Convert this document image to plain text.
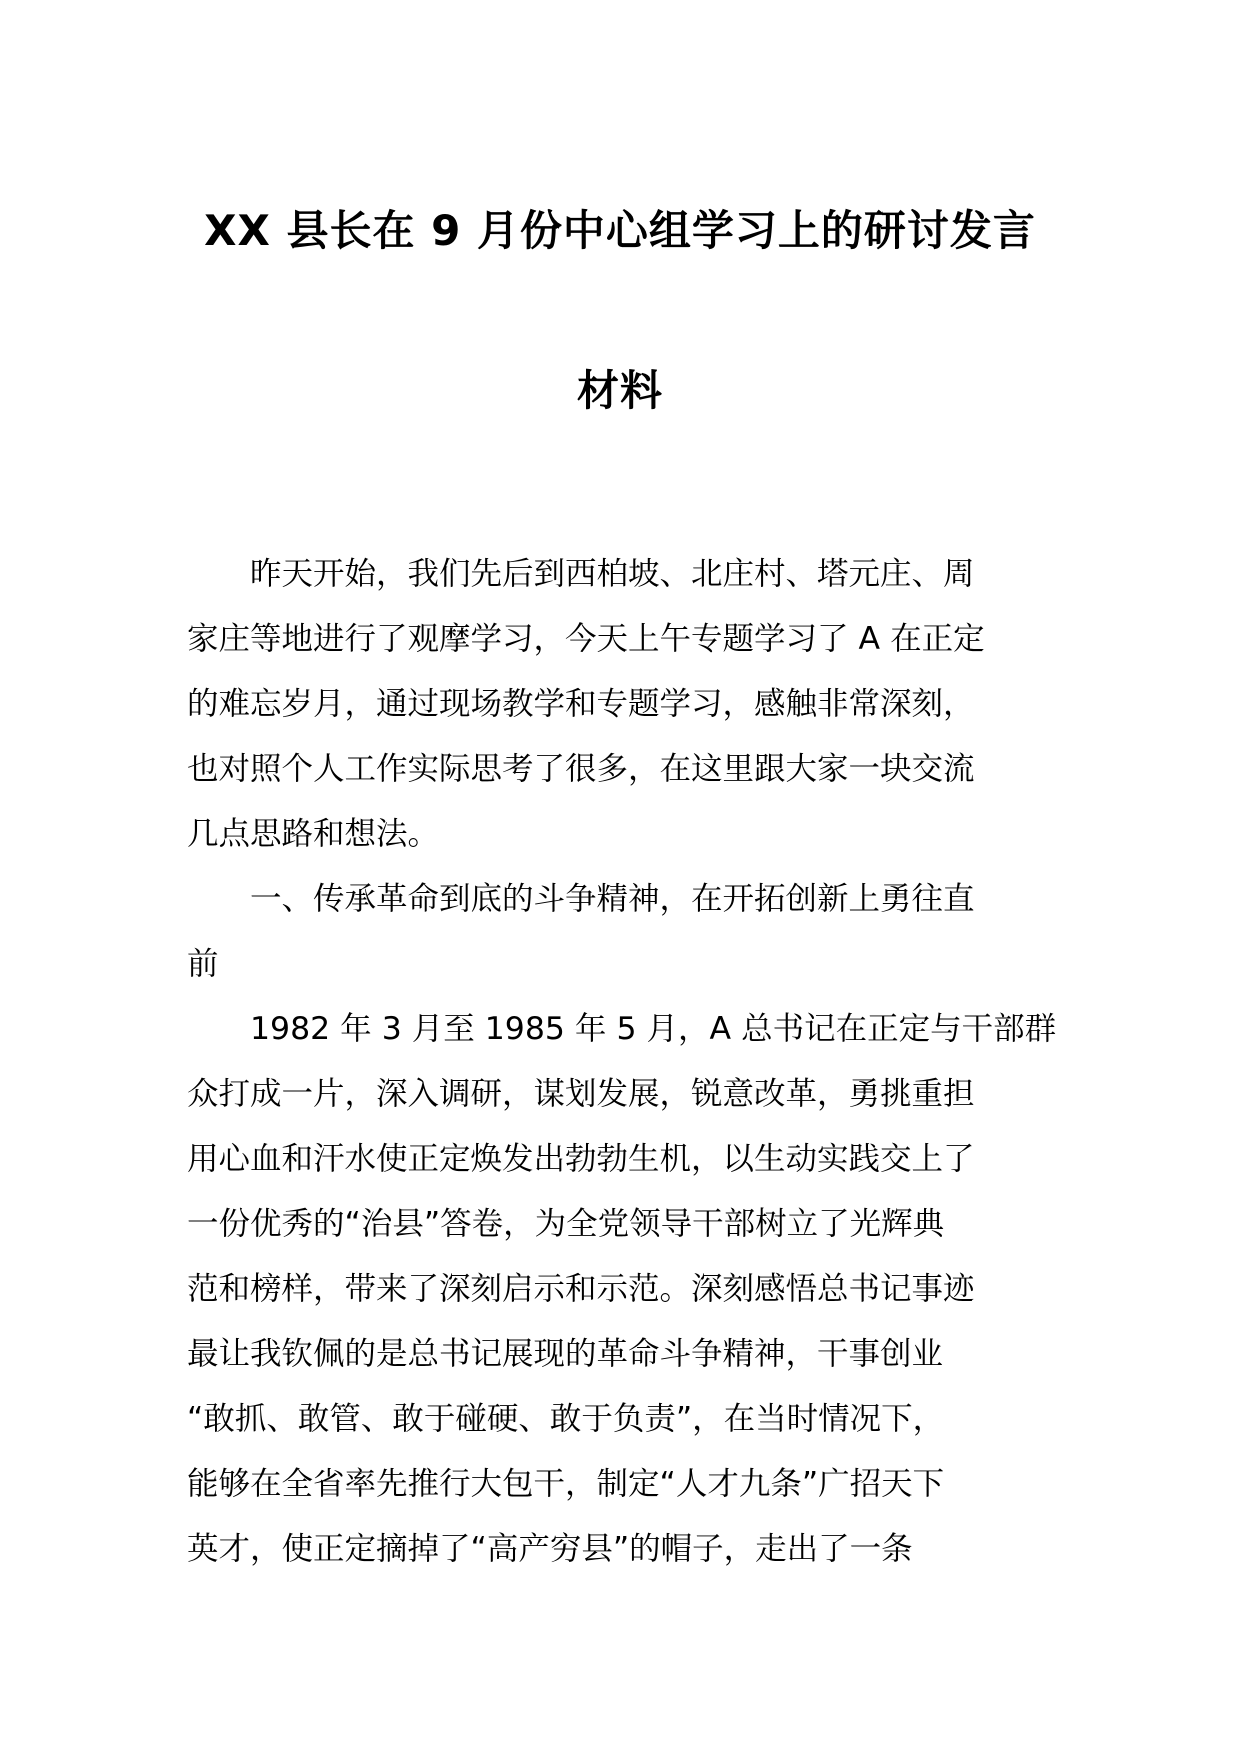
XX 县长在 9 月份中心组学习上的研讨发言
材料
　　昨天开始，我们先后到西柏坡、北庄村、塔元庄、周
家庄等地进行了观摩学习，今天上午专题学习了 A 在正定
的难忘岁月，通过现场教学和专题学习，感触非常深刻，
也对照个人工作实际思考了很多，在这里跟大家一块交流
几点思路和想法。
　　一、传承革命到底的斗争精神，在开拓创新上勇往直
前
　　1982 年 3 月至 1985 年 5 月，A 总书记在正定与干部群
众打成一片，深入调研，谋划发展，锐意改革，勇挑重担
用心血和汗水使正定焕发出勃勃生机，以生动实践交上了
一份优秀的“治县”答卷，为全党领导干部树立了光辉典
范和榜样，带来了深刻启示和示范。深刻感悟总书记事迹
最让我钦佩的是总书记展现的革命斗争精神，干事创业
“敢抓、敢管、敢于碰硬、敢于负责”，在当时情况下，
能够在全省率先推行大包干，制定“人才九条”广招天下
英才，使正定摘掉了“高产穷县”的帽子，走出了一条
